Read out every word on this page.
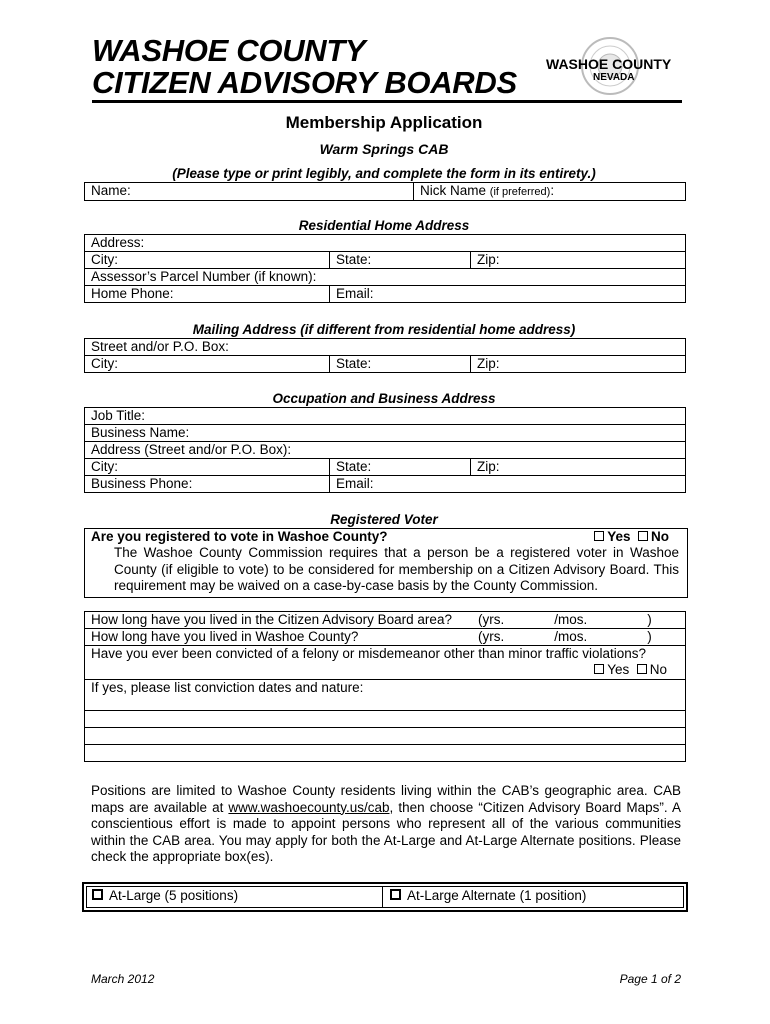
WASHOE COUNTY
CITIZEN ADVISORY BOARDS
WASHOE COUNTY
NEVADA
Membership Application
Warm Springs CAB
(Please type or print legibly, and complete the form in its entirety.)
Name:	Nick Name (if preferred):
Residential Home Address
Address:		
City:	State:	Zip:
Assessor’s Parcel Number (if known):		
Home Phone:	Email:	
Mailing Address (if different from residential home address)
Street and/or P.O. Box:
City:	State:	Zip:
Occupation and Business Address
Job Title:		
Business Name:		
Address (Street and/or P.O. Box):		
City:	State:	Zip:
Business Phone:	Email:	
Registered Voter
Are you registered to vote in Washoe County?	Yes No
The Washoe County Commission requires that a person be a registered voter in Washoe County (if eligible to vote) to be considered for membership on a Citizen Advisory Board. This requirement may be waived on a case-by-case basis by the County Commission.
How long have you lived in the Citizen Advisory Board area?	(yrs. /mos. )
How long have you lived in Washoe County?	(yrs. /mos. )

Have you ever been convicted of a felony or misdemeanor other than minor traffic violations?
Yes No	

If yes, please list conviction dates and nature:	

Positions are limited to Washoe County residents living within the CAB’s geographic area. CAB maps are available at www.washoecounty.us/cab, then choose “Citizen Advisory Board Maps”. A conscientious effort is made to appoint persons who represent all of the various communities within the CAB area. You may apply for both the At-Large and At-Large Alternate positions. Please check the appropriate box(es).
At-Large (5 positions)	At-Large Alternate (1 position)
March 2012	Page 1 of 2
